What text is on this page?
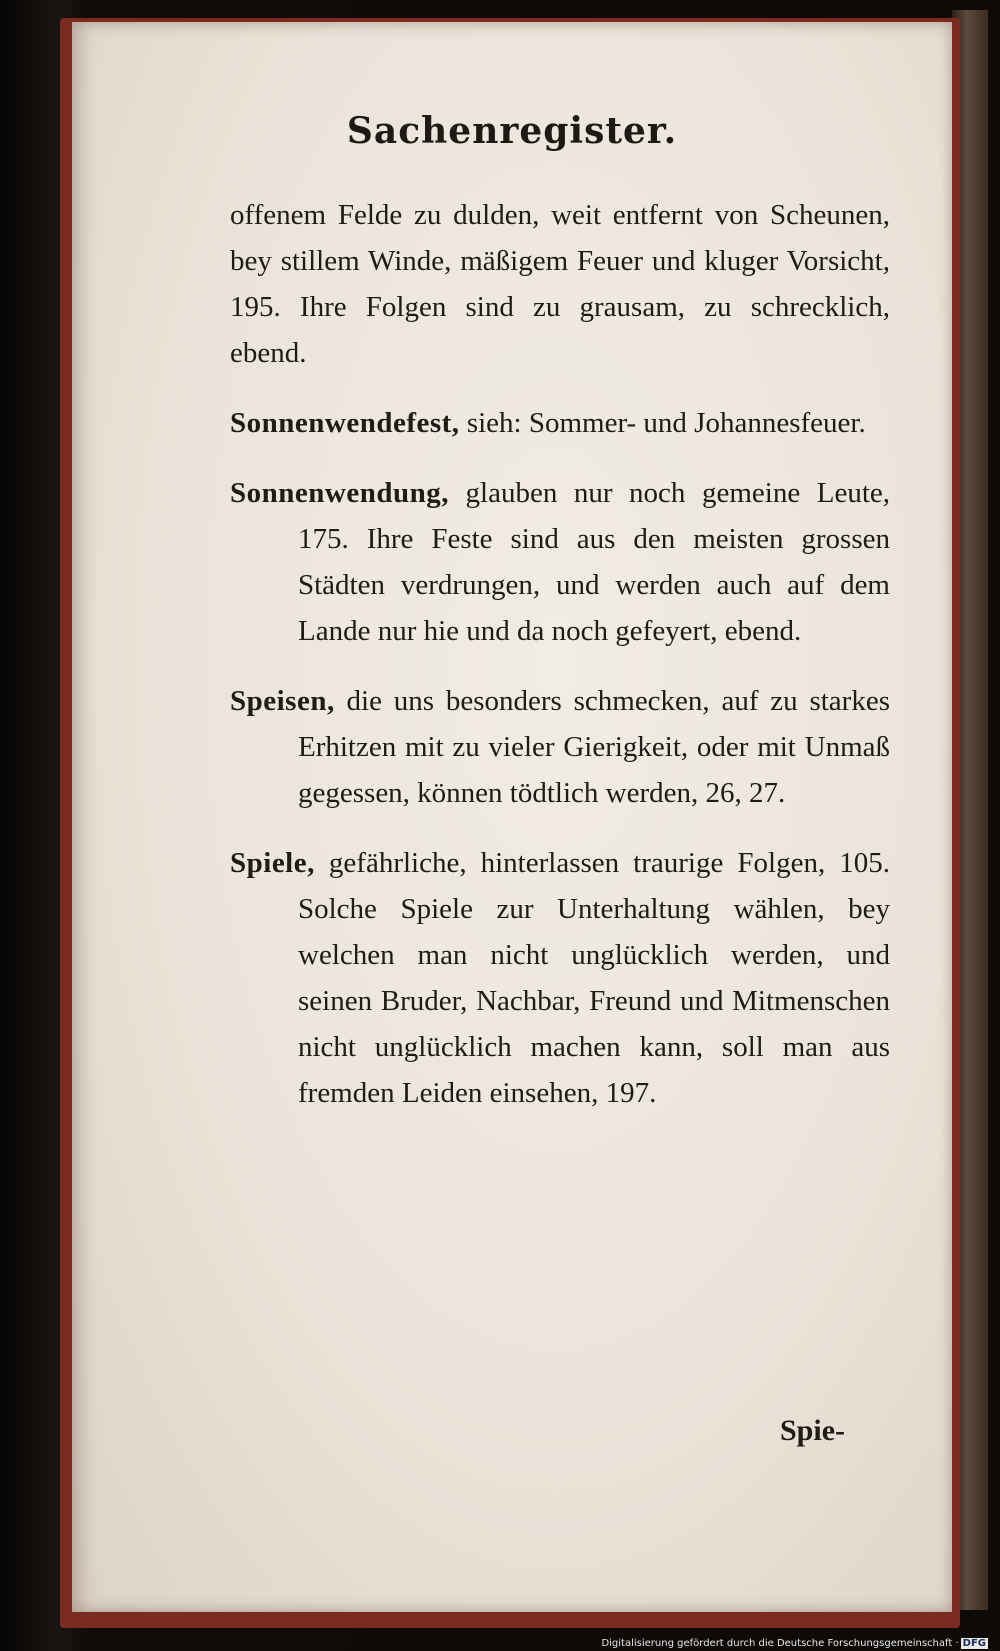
Sachenregister.

offenem Felde zu dulden, weit entfernt von Scheunen, bey stillem Winde, mäßigem Feuer und kluger Vorsicht, 195. Ihre Folgen sind zu grausam, zu schrecklich, ebend.

Sonnenwendefest, sieh: Sommer- und Johannesfeuer.

Sonnenwendung, glauben nur noch gemeine Leute, 175. Ihre Feste sind aus den meisten grossen Städten verdrungen, und werden auch auf dem Lande nur hie und da noch gefeyert, ebend.

Speisen, die uns besonders schmecken, auf zu starkes Erhitzen mit zu vieler Gierigkeit, oder mit Unmaß gegessen, können tödtlich werden, 26, 27.

Spiele, gefährliche, hinterlassen traurige Folgen, 105. Solche Spiele zur Unterhaltung wählen, bey welchen man nicht unglücklich werden, und seinen Bruder, Nachbar, Freund und Mitmenschen nicht unglücklich machen kann, soll man aus fremden Leiden einsehen, 197.

Spie-
Digitalisierung gefördert durch die Deutsche Forschungsgemeinschaft · DFG
